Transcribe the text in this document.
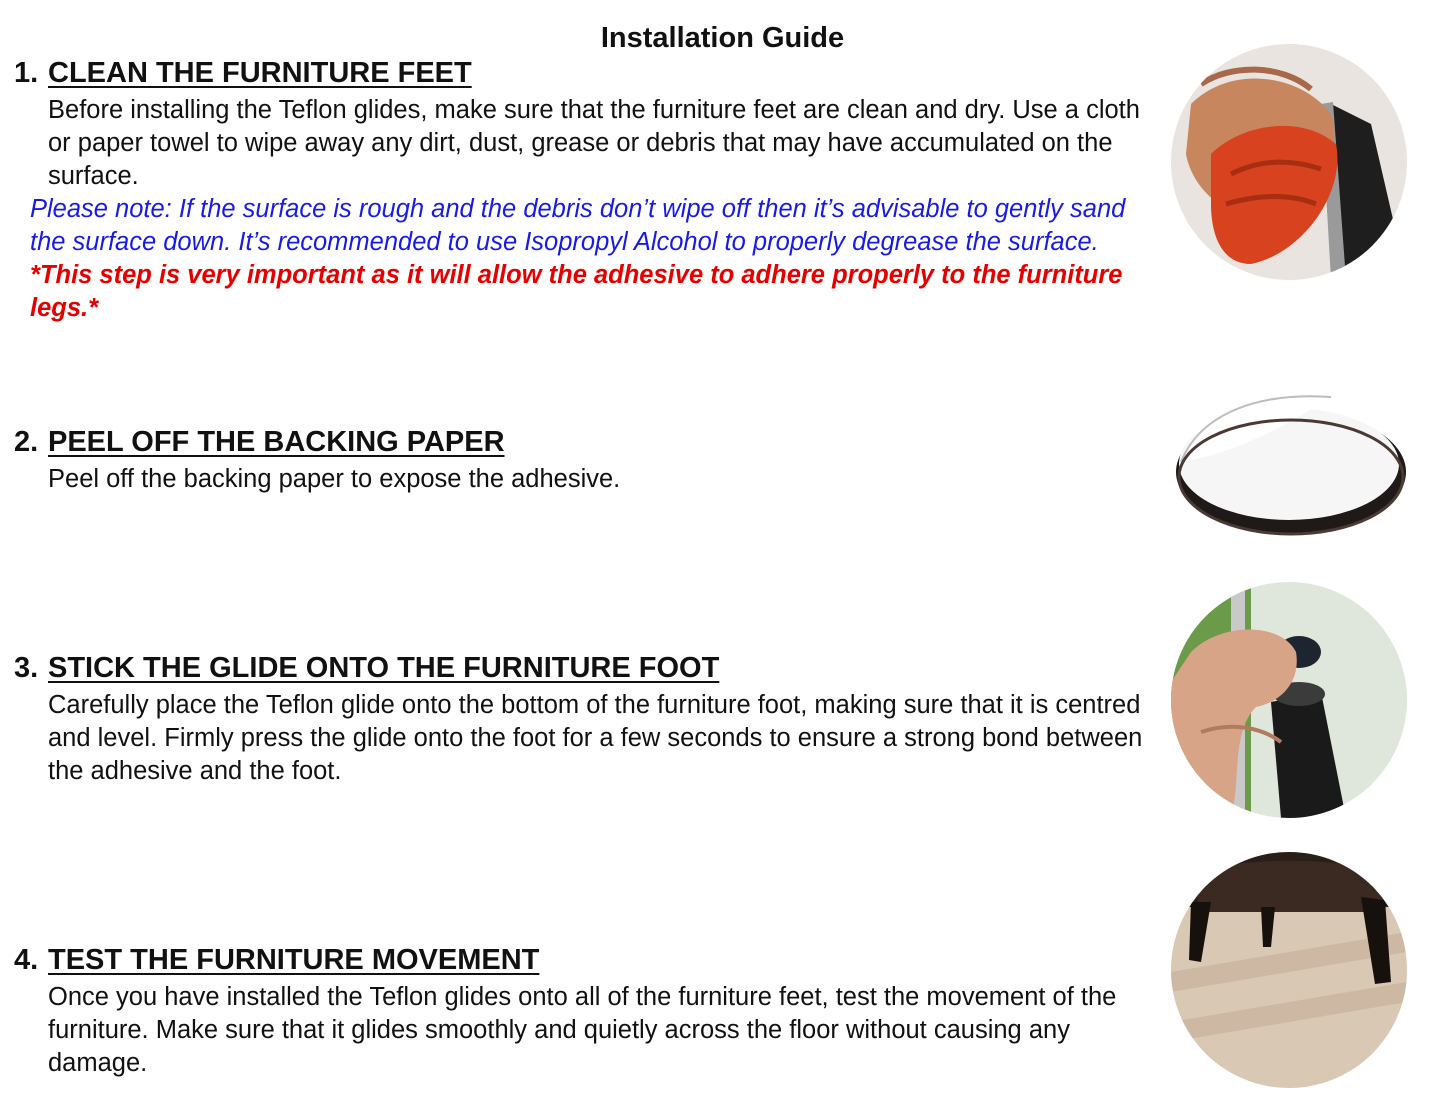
Installation Guide
1. CLEAN THE FURNITURE FEET
Before installing the Teflon glides, make sure that the furniture feet are clean and dry. Use a cloth or paper towel to wipe away any dirt, dust, grease or debris that may have accumulated on the surface.
Please note: If the surface is rough and the debris don’t wipe off then it’s advisable to gently sand the surface down. It’s recommended to use Isopropyl Alcohol to properly degrease the surface.
*This step is very important as it will allow the adhesive to adhere properly to the furniture legs.*
2. PEEL OFF THE BACKING PAPER
Peel off the backing paper to expose the adhesive.
3. STICK THE GLIDE ONTO THE FURNITURE FOOT
Carefully place the Teflon glide onto the bottom of the furniture foot, making sure that it is centred and level. Firmly press the glide onto the foot for a few seconds to ensure a strong bond between the adhesive and the foot.
4. TEST THE FURNITURE MOVEMENT
Once you have installed the Teflon glides onto all of the furniture feet, test the movement of the furniture. Make sure that it glides smoothly and quietly across the floor without causing any damage.
